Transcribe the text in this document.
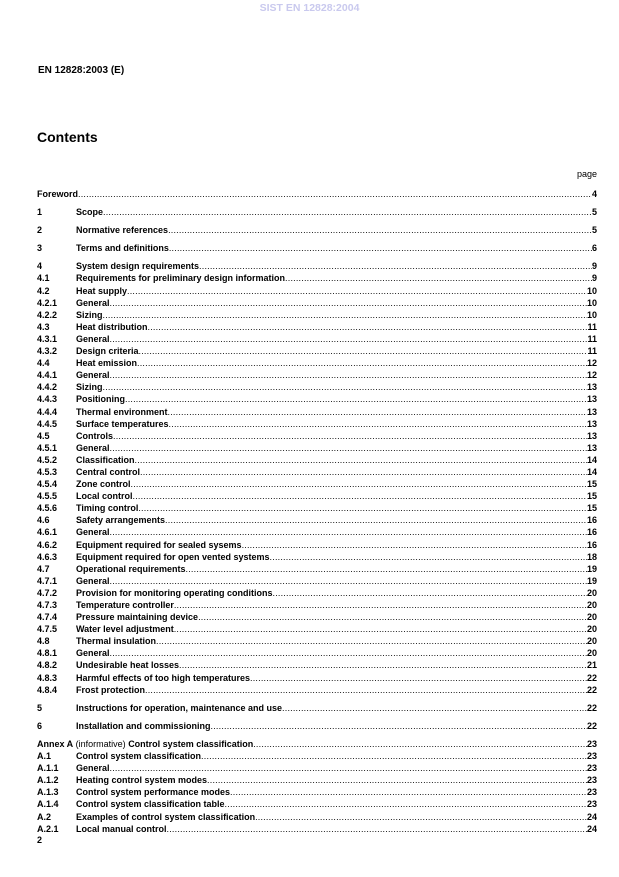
SIST EN 12828:2004
EN 12828:2003 (E)
Contents
page
Foreword .....	4
1	Scope .....	5
2	Normative references .....	5
3	Terms and definitions .....	6
4	System design requirements .....	9
4.1	Requirements for preliminary design information .....	9
4.2	Heat supply .....	10
4.2.1	General .....	10
4.2.2	Sizing .....	10
4.3	Heat distribution .....	11
4.3.1	General .....	11
4.3.2	Design criteria .....	11
4.4	Heat emission .....	12
4.4.1	General .....	12
4.4.2	Sizing .....	13
4.4.3	Positioning .....	13
4.4.4	Thermal environment .....	13
4.4.5	Surface temperatures .....	13
4.5	Controls .....	13
4.5.1	General .....	13
4.5.2	Classification .....	14
4.5.3	Central control .....	14
4.5.4	Zone control .....	15
4.5.5	Local control .....	15
4.5.6	Timing control .....	15
4.6	Safety arrangements .....	16
4.6.1	General .....	16
4.6.2	Equipment required for sealed sysems .....	16
4.6.3	Equipment required for open vented systems .....	18
4.7	Operational requirements .....	19
4.7.1	General .....	19
4.7.2	Provision for monitoring operating conditions .....	20
4.7.3	Temperature controller .....	20
4.7.4	Pressure maintaining device .....	20
4.7.5	Water level adjustment .....	20
4.8	Thermal insulation .....	20
4.8.1	General .....	20
4.8.2	Undesirable heat losses .....	21
4.8.3	Harmful effects of too high temperatures .....	22
4.8.4	Frost protection .....	22
5	Instructions for operation, maintenance and use .....	22
6	Installation and commissioning .....	22
Annex A (informative) Control system classification .....	23
A.1	Control system classification .....	23
A.1.1	General .....	23
A.1.2	Heating control system modes .....	23
A.1.3	Control system performance modes .....	23
A.1.4	Control system classification table .....	23
A.2	Examples of control system classification .....	24
A.2.1	Local manual control .....	24
2
